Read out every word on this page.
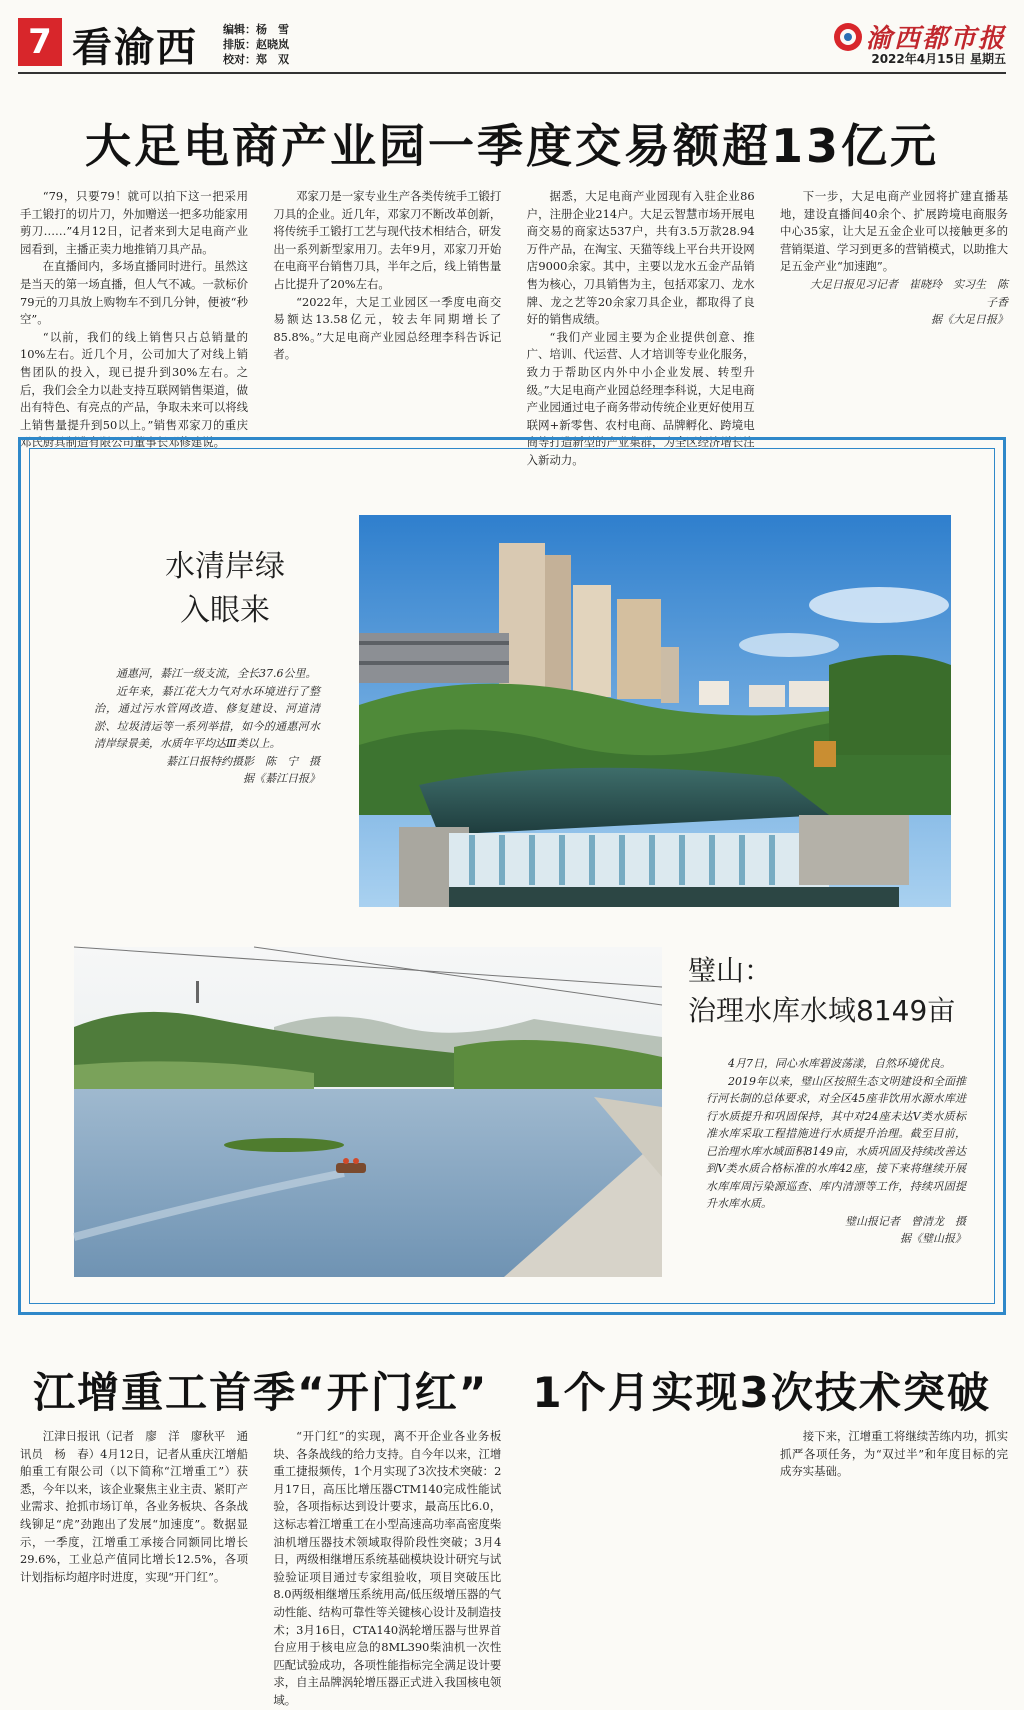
7 看渝西 编辑：杨　雪
排版：赵晓岚
校对：郑　双
渝西都市报
2022年4月15日 星期五
大足电商产业园一季度交易额超13亿元

“79，只要79！就可以拍下这一把采用手工锻打的切片刀，外加赠送一把多功能家用剪刀……”4月12日，记者来到大足电商产业园看到，主播正卖力地推销刀具产品。

在直播间内，多场直播同时进行。虽然这是当天的第一场直播，但人气不减。一款标价79元的刀具放上购物车不到几分钟，便被“秒空”。

“以前，我们的线上销售只占总销量的10%左右。近几个月，公司加大了对线上销售团队的投入，现已提升到30%左右。之后，我们会全力以赴支持互联网销售渠道，做出有特色、有亮点的产品，争取未来可以将线上销售量提升到50以上。”销售邓家刀的重庆邓氏厨具制造有限公司董事长邓修建说。

邓家刀是一家专业生产各类传统手工锻打刀具的企业。近几年，邓家刀不断改革创新，将传统手工锻打工艺与现代技术相结合，研发出一系列新型家用刀。去年9月，邓家刀开始在电商平台销售刀具，半年之后，线上销售量占比提升了20%左右。

“2022年，大足工业园区一季度电商交易额达13.58亿元，较去年同期增长了85.8%。”大足电商产业园总经理李科告诉记者。

据悉，大足电商产业园现有入驻企业86户，注册企业214户。大足云智慧市场开展电商交易的商家达537户，共有3.5万款28.94万件产品，在淘宝、天猫等线上平台共开设网店9000余家。其中，主要以龙水五金产品销售为核心，刀具销售为主，包括邓家刀、龙水牌、龙之艺等20余家刀具企业，都取得了良好的销售成绩。

“我们产业园主要为企业提供创意、推广、培训、代运营、人才培训等专业化服务，致力于帮助区内外中小企业发展、转型升级。”大足电商产业园总经理李科说，大足电商产业园通过电子商务带动传统企业更好使用互联网+新零售、农村电商、品牌孵化、跨境电商等打造新型的产业集群，为全区经济增长注入新动力。

下一步，大足电商产业园将扩建直播基地，建设直播间40余个、扩展跨境电商服务中心35家，让大足五金企业可以接触更多的营销渠道、学习到更多的营销模式，以助推大足五金产业“加速跑”。

大足日报见习记者　崔晓玲　实习生　陈子香

据《大足日报》

水清岸绿
入眼来

通惠河，綦江一级支流，全长37.6公里。

近年来，綦江花大力气对水环境进行了整治，通过污水管网改造、修复建设、河道清淤、垃圾清运等一系列举措，如今的通惠河水清岸绿景美，水质年平均达Ⅲ类以上。

綦江日报特约摄影　陈　宁　摄
据《綦江日报》
璧山：
治理水库水域8149亩

4月7日，同心水库碧波荡漾，自然环境优良。

2019年以来，璧山区按照生态文明建设和全面推行河长制的总体要求，对全区45座非饮用水源水库进行水质提升和巩固保持，其中对24座未达Ⅴ类水质标准水库采取工程措施进行水质提升治理。截至目前，已治理水库水域面积8149亩，水质巩固及持续改善达到Ⅴ类水质合格标准的水库42座，接下来将继续开展水库库周污染源巡查、库内清漂等工作，持续巩固提升水库水质。

璧山报记者　曾清龙　摄
据《璧山报》
江增重工首季“开门红”　1个月实现3次技术突破

江津日报讯（记者　廖　洋　廖秋平　通讯员　杨　春）4月12日，记者从重庆江增船舶重工有限公司（以下简称“江增重工”）获悉，今年以来，该企业聚焦主业主责、紧盯产业需求、抢抓市场订单，各业务板块、各条战线铆足“虎”劲跑出了发展“加速度”。数据显示，一季度，江增重工承接合同额同比增长29.6%，工业总产值同比增长12.5%，各项计划指标均超序时进度，实现“开门红”。

“开门红”的实现，离不开企业各业务板块、各条战线的给力支持。自今年以来，江增重工捷报频传，1个月实现了3次技术突破：2月17日，高压比增压器CTM140完成性能试验，各项指标达到设计要求，最高压比6.0，这标志着江增重工在小型高速高功率高密度柴油机增压器技术领域取得阶段性突破；3月4日，两级相继增压系统基础模块设计研究与试验验证项目通过专家组验收，项目突破压比8.0两级相继增压系统用高/低压级增压器的气动性能、结构可靠性等关键核心设计及制造技术；3月16日，CTA140涡轮增压器与世界首台应用于核电应急的8ML390柴油机一次性匹配试验成功，各项性能指标完全满足设计要求，自主品牌涡轮增压器正式进入我国核电领域。

接下来，江增重工将继续苦练内功，抓实抓严各项任务，为“双过半”和年度目标的完成夯实基础。
